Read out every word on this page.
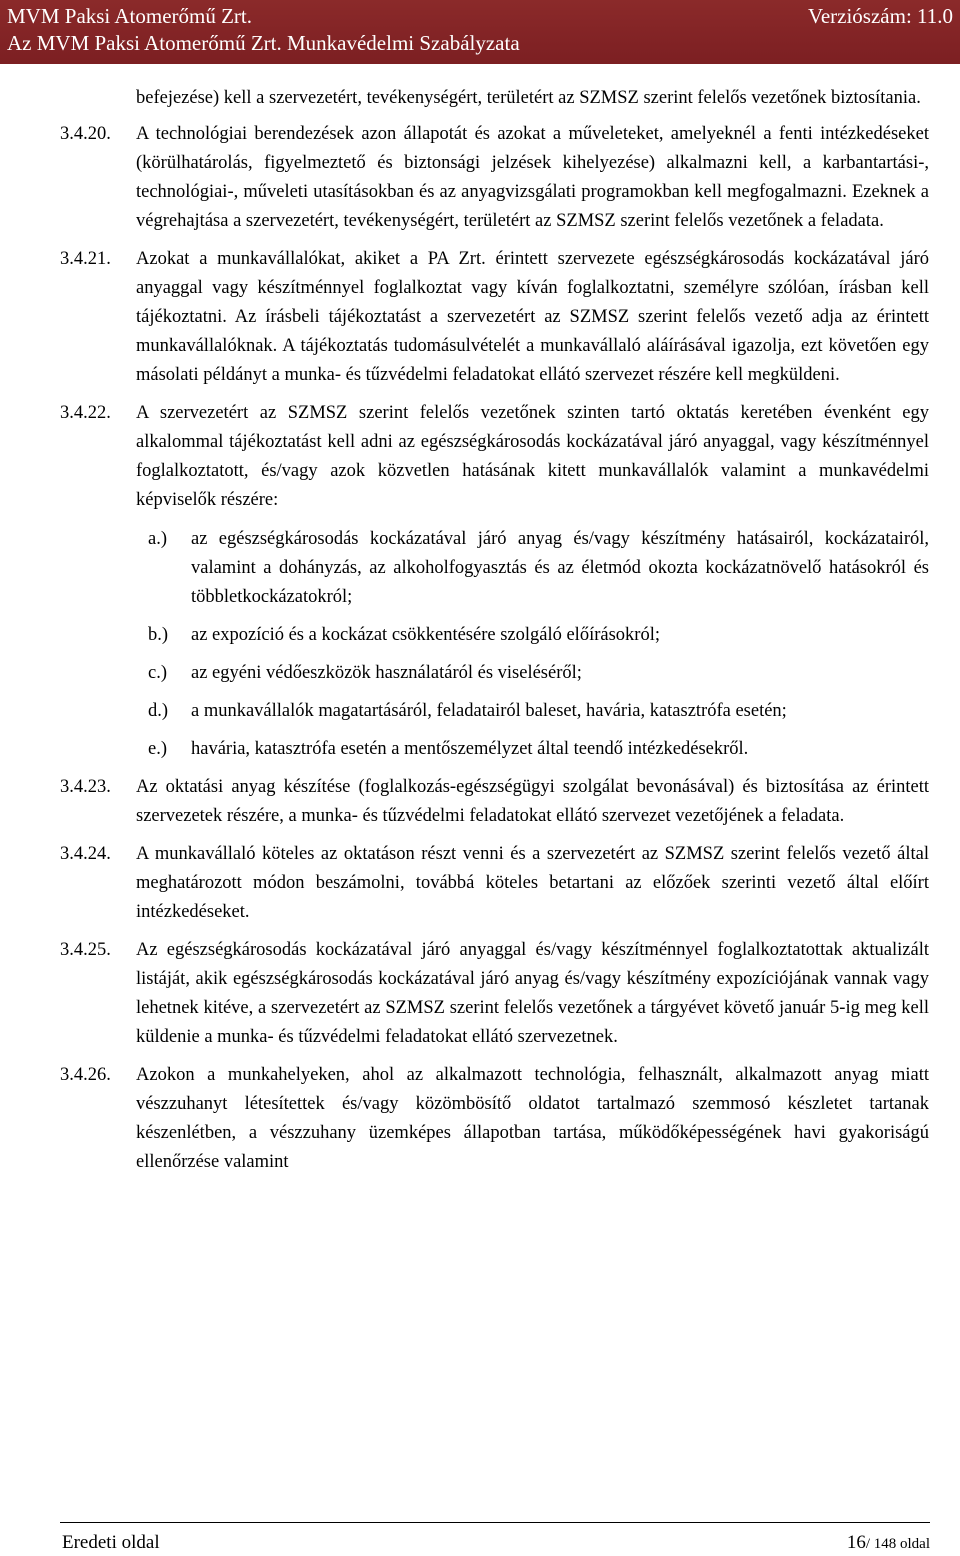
MVM Paksi Atomerőmű Zrt.	Verziószám: 11.0
Az MVM Paksi Atomerőmű Zrt. Munkavédelmi Szabályzata

befejezése) kell a szervezetért, tevékenységért, területért az SZMSZ szerint felelős vezetőnek biztosítania.

3.4.20. A technológiai berendezések azon állapotát és azokat a műveleteket, amelyeknél a fenti intézkedéseket (körülhatárolás, figyelmeztető és biztonsági jelzések kihelyezése) alkalmazni kell, a karbantartási-, technológiai-, műveleti utasításokban és az anyagvizsgálati programokban kell megfogalmazni. Ezeknek a végrehajtása a szervezetért, tevékenységért, területért az SZMSZ szerint felelős vezetőnek a feladata.

3.4.21. Azokat a munkavállalókat, akiket a PA Zrt. érintett szervezete egészségkárosodás kockázatával járó anyaggal vagy készítménnyel foglalkoztat vagy kíván foglalkoztatni, személyre szólóan, írásban kell tájékoztatni. Az írásbeli tájékoztatást a szervezetért az SZMSZ szerint felelős vezető adja az érintett munkavállalóknak. A tájékoztatás tudomásulvételét a munkavállaló aláírásával igazolja, ezt követően egy másolati példányt a munka- és tűzvédelmi feladatokat ellátó szervezet részére kell megküldeni.

3.4.22. A szervezetért az SZMSZ szerint felelős vezetőnek szinten tartó oktatás keretében évenként egy alkalommal tájékoztatást kell adni az egészségkárosodás kockázatával járó anyaggal, vagy készítménnyel foglalkoztatott, és/vagy azok közvetlen hatásának kitett munkavállalók valamint a munkavédelmi képviselők részére:

a.) az egészségkárosodás kockázatával járó anyag és/vagy készítmény hatásairól, kockázatairól, valamint a dohányzás, az alkoholfogyasztás és az életmód okozta kockázatnövelő hatásokról és többletkockázatokról;
b.) az expozíció és a kockázat csökkentésére szolgáló előírásokról;
c.) az egyéni védőeszközök használatáról és viseléséről;
d.) a munkavállalók magatartásáról, feladatairól baleset, havária, katasztrófa esetén;
e.) havária, katasztrófa esetén a mentőszemélyzet által teendő intézkedésekről.

3.4.23. Az oktatási anyag készítése (foglalkozás-egészségügyi szolgálat bevonásával) és biztosítása az érintett szervezetek részére, a munka- és tűzvédelmi feladatokat ellátó szervezet vezetőjének a feladata.

3.4.24. A munkavállaló köteles az oktatáson részt venni és a szervezetért az SZMSZ szerint felelős vezető által meghatározott módon beszámolni, továbbá köteles betartani az előzőek szerinti vezető által előírt intézkedéseket.

3.4.25. Az egészségkárosodás kockázatával járó anyaggal és/vagy készítménnyel foglalkoztatottak aktualizált listáját, akik egészségkárosodás kockázatával járó anyag és/vagy készítmény expozíciójának vannak vagy lehetnek kitéve, a szervezetért az SZMSZ szerint felelős vezetőnek a tárgyévet követő január 5-ig meg kell küldenie a munka- és tűzvédelmi feladatokat ellátó szervezetnek.

3.4.26. Azokon a munkahelyeken, ahol az alkalmazott technológia, felhasznált, alkalmazott anyag miatt vészzuhanyt létesítettek és/vagy közömbösítő oldatot tartalmazó szemmosó készletet tartanak készenlétben, a vészzuhany üzemképes állapotban tartása, működőképességének havi gyakoriságú ellenőrzése valamint

Eredeti oldal	16/ 148 oldal
